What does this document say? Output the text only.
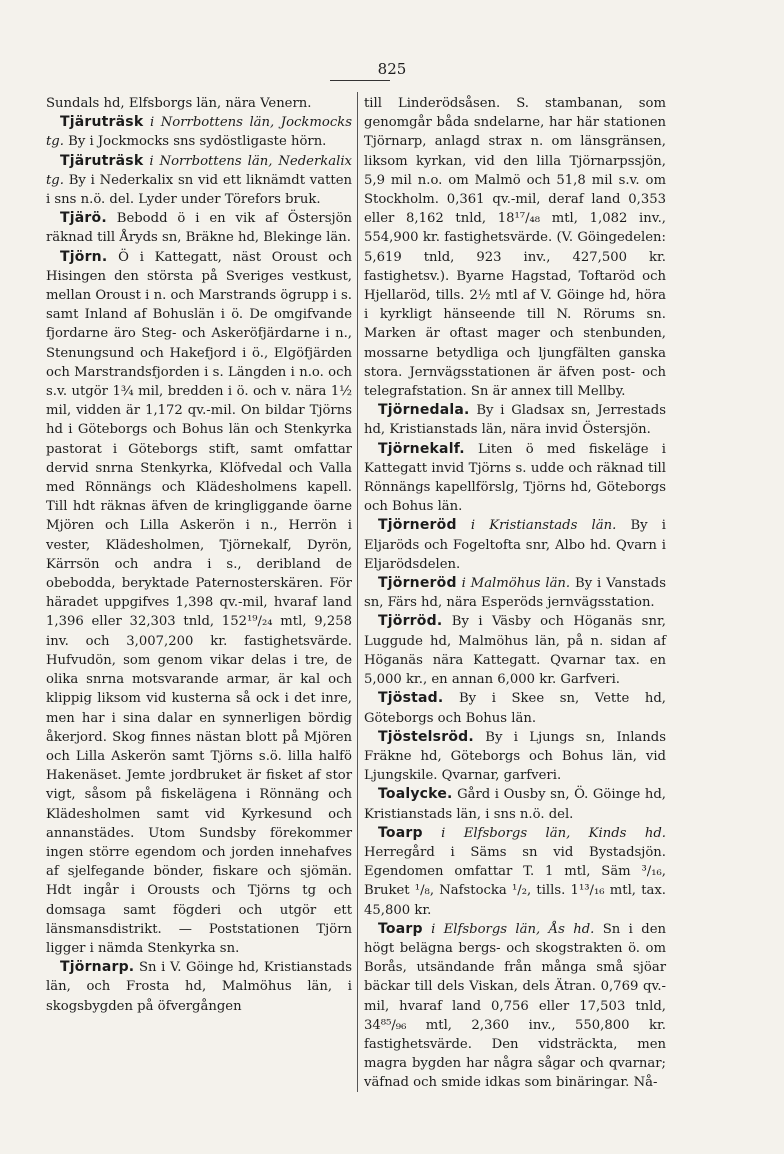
825
Sundals hd, Elfsborgs län, nära Venern.
Tjäruträsk i Norrbottens län, Jockmocks tg. By i Jockmocks sns sydöstligaste hörn.
Tjäruträsk i Norrbottens län, Nederkalix tg. By i Nederkalix sn vid ett liknämdt vatten i sns n.ö. del. Lyder under Törefors bruk.
Tjärö. Bebodd ö i en vik af Östersjön räknad till Åryds sn, Bräkne hd, Blekinge län.
Tjörn. Ö i Kattegatt, näst Oroust och Hisingen den största på Sveriges vestkust, mellan Oroust i n. och Marstrands ögrupp i s. samt Inland af Bohuslän i ö. De omgifvande fjordarne äro Steg- och Askeröfjärdarne i n., Stenungsund och Hakefjord i ö., Elgöfjärden och Marstrandsfjorden i s. Längden i n.o. och s.v. utgör 1¾ mil, bredden i ö. och v. nära 1½ mil, vidden är 1,172 qv.-mil. On bildar Tjörns hd i Göteborgs och Bohus län och Stenkyrka pastorat i Göteborgs stift, samt omfattar dervid snrna Stenkyrka, Klöfvedal och Valla med Rönnängs och Klädesholmens kapell. Till hdt räknas äfven de kringliggande öarne Mjören och Lilla Askerön i n., Herrön i vester, Klädesholmen, Tjörnekalf, Dyrön, Kärrsön och andra i s., deribland de obebodda, beryktade Paternosterskären. För häradet uppgifves 1,398 qv.-mil, hvaraf land 1,396 eller 32,303 tnld, 152¹⁹/₂₄ mtl, 9,258 inv. och 3,007,200 kr. fastighetsvärde. Hufvudön, som genom vikar delas i tre, de olika snrna motsvarande armar, är kal och klippig liksom vid kusterna så ock i det inre, men har i sina dalar en synnerligen bördig åkerjord. Skog finnes nästan blott på Mjören och Lilla Askerön samt Tjörns s.ö. lilla halfö Hakenäset. Jemte jordbruket är fisket af stor vigt, såsom på fiskelägena i Rönnäng och Klädesholmen samt vid Kyrkesund och annanstädes. Utom Sundsby förekommer ingen större egendom och jorden innehafves af sjelfegande bönder, fiskare och sjömän. Hdt ingår i Orousts och Tjörns tg och domsaga samt fögderi och utgör ett länsmansdistrikt. — Poststationen Tjörn ligger i nämda Stenkyrka sn.
Tjörnarp. Sn i V. Göinge hd, Kristianstads län, och Frosta hd, Malmöhus län, i skogsbygden på öfvergången
till Linderödsåsen. S. stambanan, som genomgår båda sndelarne, har här stationen Tjörnarp, anlagd strax n. om länsgränsen, liksom kyrkan, vid den lilla Tjörnarpssjön, 5,9 mil n.o. om Malmö och 51,8 mil s.v. om Stockholm. 0,361 qv.-mil, deraf land 0,353 eller 8,162 tnld, 18¹⁷/₄₈ mtl, 1,082 inv., 554,900 kr. fastighetsvärde. (V. Göingedelen: 5,619 tnld, 923 inv., 427,500 kr. fastighetsv.). Byarne Hagstad, Toftaröd och Hjellaröd, tills. 2½ mtl af V. Göinge hd, höra i kyrkligt hänseende till N. Rörums sn. Marken är oftast mager och stenbunden, mossarne betydliga och ljungfälten ganska stora. Jernvägsstationen är äfven post- och telegrafstation. Sn är annex till Mellby.
Tjörnedala. By i Gladsax sn, Jerrestads hd, Kristianstads län, nära invid Östersjön.
Tjörnekalf. Liten ö med fiskeläge i Kattegatt invid Tjörns s. udde och räknad till Rönnängs kapellförslg, Tjörns hd, Göteborgs och Bohus län.
Tjörneröd i Kristianstads län. By i Eljaröds och Fogeltofta snr, Albo hd. Qvarn i Eljarödsdelen.
Tjörneröd i Malmöhus län. By i Vanstads sn, Färs hd, nära Esperöds jernvägsstation.
Tjörröd. By i Väsby och Höganäs snr, Luggude hd, Malmöhus län, på n. sidan af Höganäs nära Kattegatt. Qvarnar tax. en 5,000 kr., en annan 6,000 kr. Garfveri.
Tjöstad. By i Skee sn, Vette hd, Göteborgs och Bohus län.
Tjöstelsröd. By i Ljungs sn, Inlands Fräkne hd, Göteborgs och Bohus län, vid Ljungskile. Qvarnar, garfveri.
Toalycke. Gård i Ousby sn, Ö. Göinge hd, Kristianstads län, i sns n.ö. del.
Toarp i Elfsborgs län, Kinds hd. Herregård i Säms sn vid Bystadsjön. Egendomen omfattar T. 1 mtl, Säm ³/₁₆, Bruket ¹/₈, Nafstocka ¹/₂, tills. 1¹³/₁₆ mtl, tax. 45,800 kr.
Toarp i Elfsborgs län, Ås hd. Sn i den högt belägna bergs- och skogstrakten ö. om Borås, utsändande från många små sjöar bäckar till dels Viskan, dels Ätran. 0,769 qv.-mil, hvaraf land 0,756 eller 17,503 tnld, 34⁸⁵/₉₆ mtl, 2,360 inv., 550,800 kr. fastighetsvärde. Den vidsträckta, men magra bygden har några sågar och qvarnar; väfnad och smide idkas som binäringar. Nå-
